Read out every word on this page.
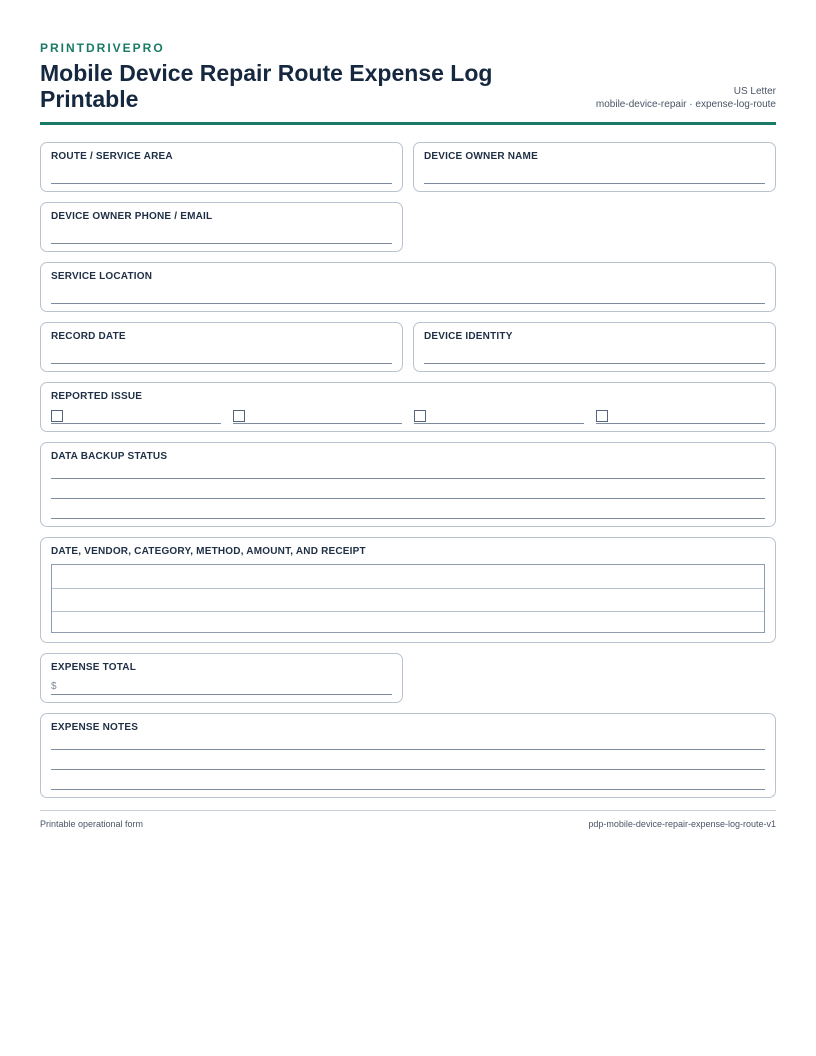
PRINTDRIVEPRO
Mobile Device Repair Route Expense Log Printable	US Letter
mobile-device-repair · expense-log-route
ROUTE / SERVICE AREA	DEVICE OWNER NAME
DEVICE OWNER PHONE / EMAIL
SERVICE LOCATION
RECORD DATE	DEVICE IDENTITY
REPORTED ISSUE
DATA BACKUP STATUS
DATE, VENDOR, CATEGORY, METHOD, AMOUNT, AND RECEIPT
EXPENSE TOTAL
$
EXPENSE NOTES
Printable operational form	pdp-mobile-device-repair-expense-log-route-v1
